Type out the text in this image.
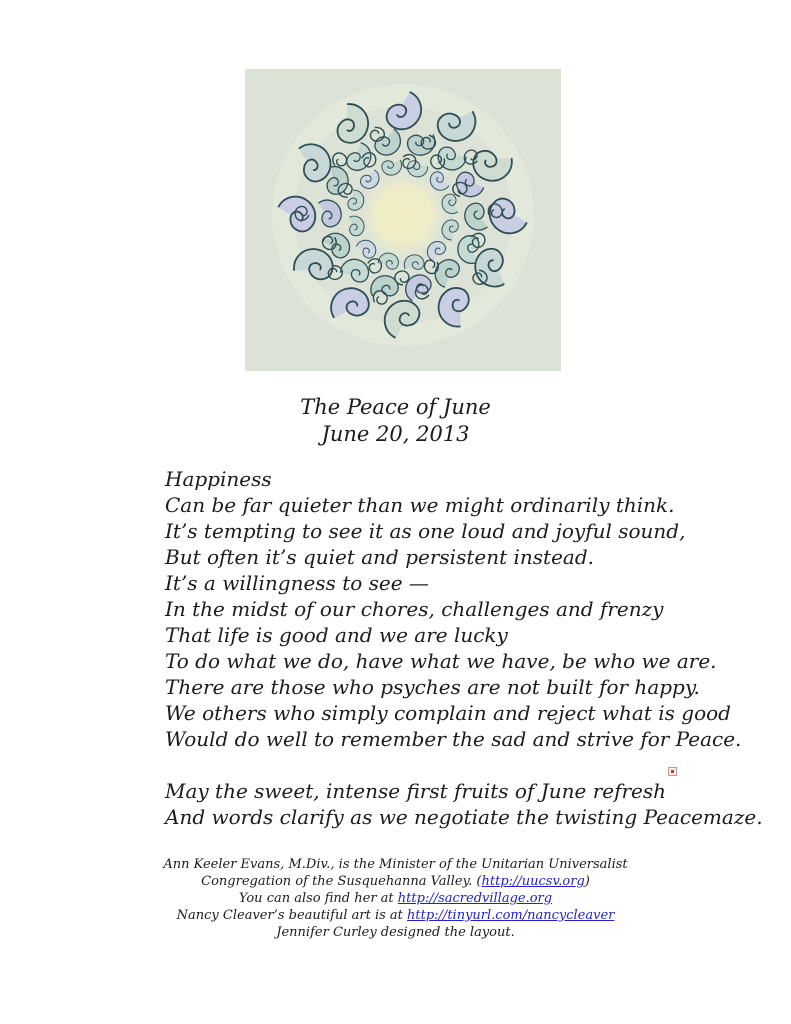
The Peace of June
June 20, 2013
Happiness
Can be far quieter than we might ordinarily think.
It’s tempting to see it as one loud and joyful sound,
But often it’s quiet and persistent instead.
It’s a willingness to see —
In the midst of our chores, challenges and frenzy
That life is good and we are lucky
To do what we do, have what we have, be who we are.
There are those who psyches are not built for happy.
We others who simply complain and reject what is good
Would do well to remember the sad and strive for Peace.
May the sweet, intense first fruits of June refresh
And words clarify as we negotiate the twisting Peacemaze.
Ann Keeler Evans, M.Div., is the Minister of the Unitarian Universalist
Congregation of the Susquehanna Valley. (http://uucsv.org)
You can also find her at http://sacredvillage.org
Nancy Cleaver’s beautiful art is at http://tinyurl.com/nancycleaver
Jennifer Curley designed the layout.
